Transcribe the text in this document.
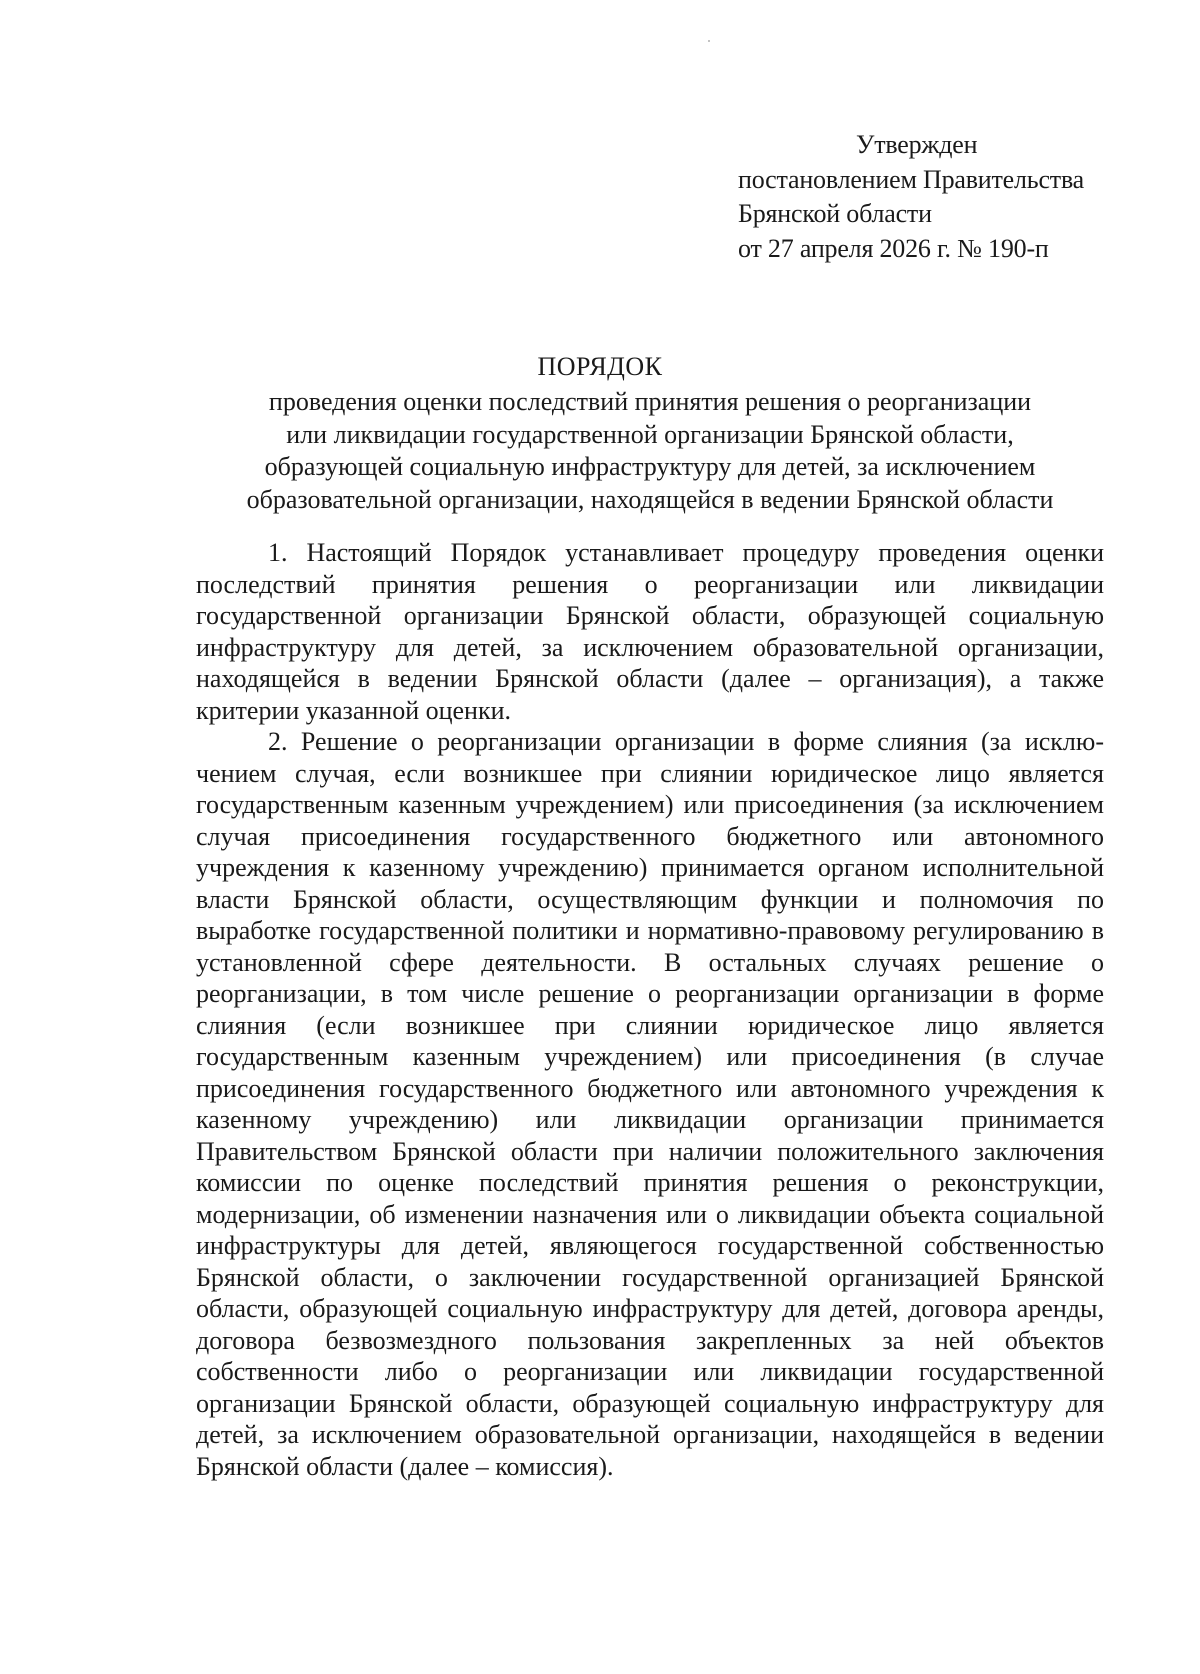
Утвержден
постановлением Правительства
Брянской области
от 27 апреля 2026 г. № 190-п
ПОРЯДОК
проведения оценки последствий принятия решения о реорганизации
или ликвидации государственной организации Брянской области,
образующей социальную инфраструктуру для детей, за исключением
образовательной организации, находящейся в ведении Брянской области

1. Настоящий Порядок устанавливает процедуру проведения оценки последствий принятия решения о реорганизации или ликвидации государственной организации Брянской области, образующей социальную инфраструктуру для детей, за исключением образовательной организации, находящейся в ведении Брянской области (далее – организация), а также критерии указанной оценки.

2. Решение о реорганизации организации в форме слияния (за исключением случая, если возникшее при слиянии юридическое лицо является государственным казенным учреждением) или присоединения (за исключением случая присоединения государственного бюджетного или автономного учреждения к казенному учреждению) принимается органом исполнительной власти Брянской области, осуществляющим функции и полномочия по выработке государственной политики и нормативно-правовому регулированию в установленной сфере деятельности. В остальных случаях решение о реорганизации, в том числе решение о реорганизации организации в форме слияния (если возникшее при слиянии юридическое лицо является государственным казенным учреждением) или присоединения (в случае присоединения государственного бюджетного или автономного учреждения к казенному учреждению) или ликвидации организации принимается Правительством Брянской области при наличии положительного заключения комиссии по оценке последствий принятия решения о реконструкции, модернизации, об изменении назначения или о ликвидации объекта социальной инфраструктуры для детей, являющегося государственной собственностью Брянской области, о заключении государственной организацией Брянской области, образующей социальную инфраструктуру для детей, договора аренды, договора безвозмездного пользования закрепленных за ней объектов собственности либо о реорганизации или ликвидации государственной организации Брянской области, образующей социальную инфраструктуру для детей, за исключением образовательной организации, находящейся в ведении Брянской области (далее – комиссия).
